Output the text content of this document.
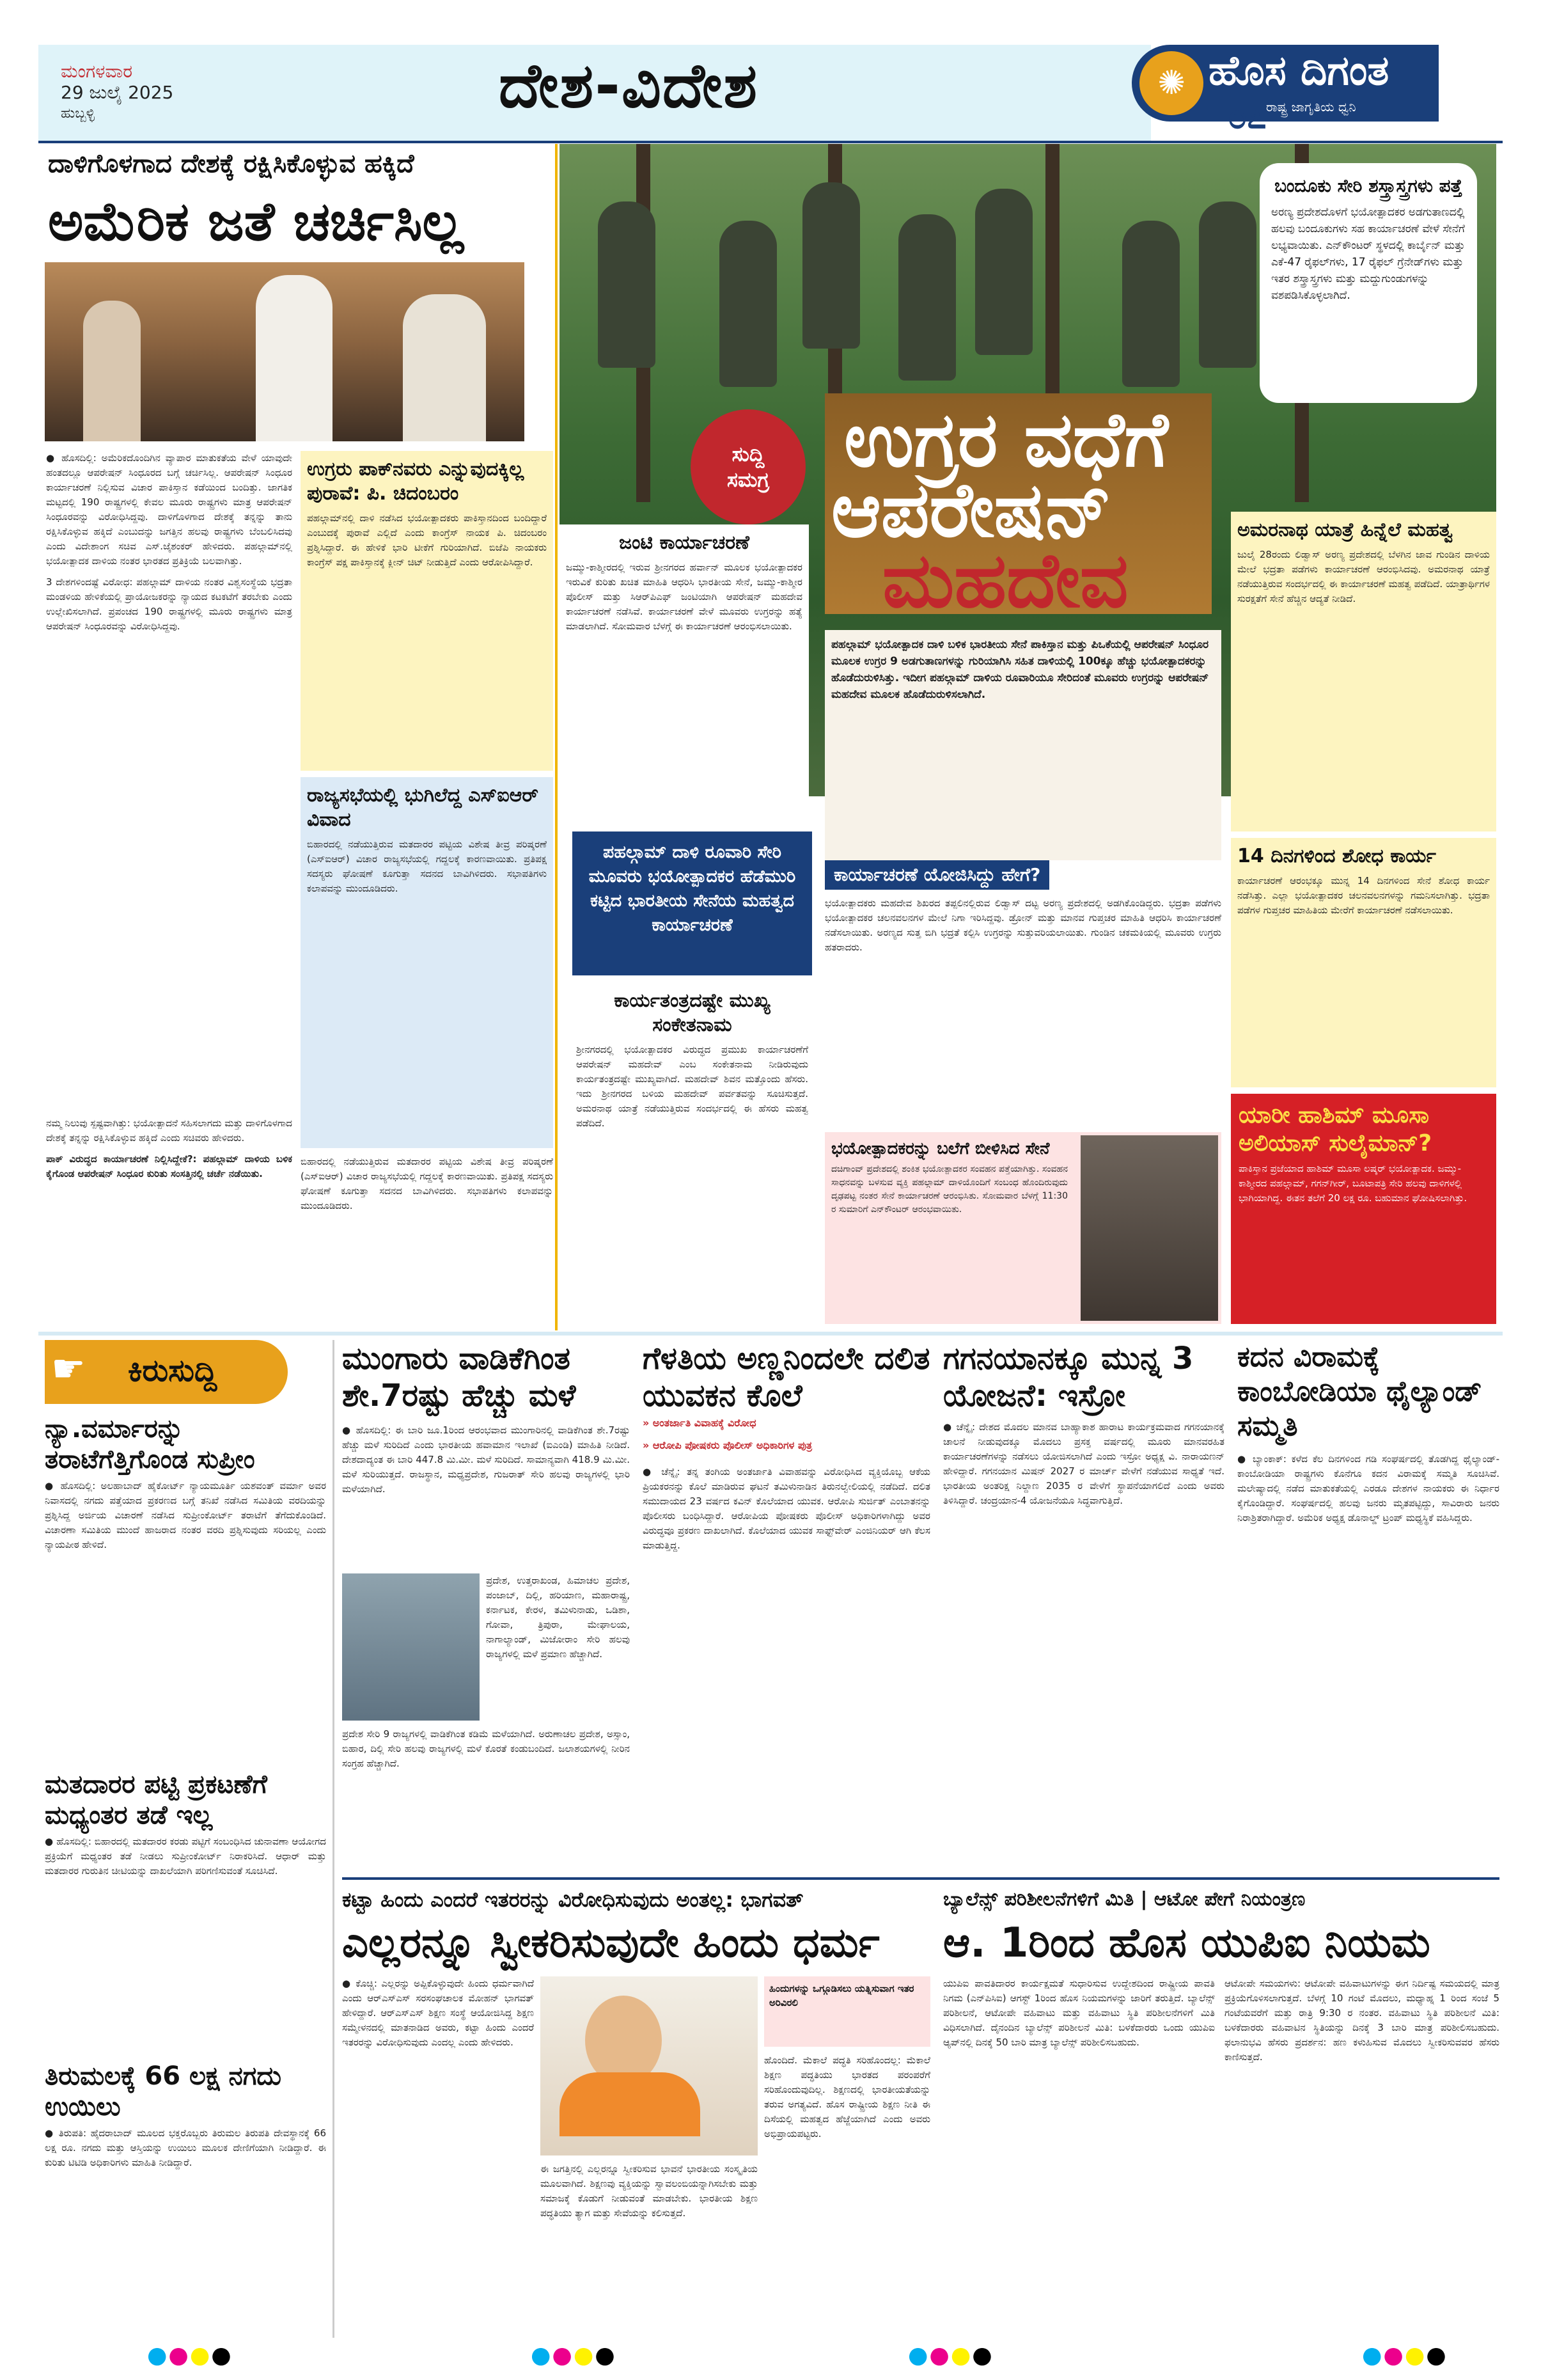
ಮಂಗಳವಾರ
29 ಜುಲೈ 2025
ಹುಬ್ಬಳ್ಳಿ	ದೇಶ-ವಿದೇಶ	✺ ಹೊಸ ದಿಗಂತ
ರಾಷ್ಟ್ರ ಜಾಗೃತಿಯ ಧ್ವನಿ
೦೭
ದಾಳಿಗೊಳಗಾದ ದೇಶಕ್ಕೆ ರಕ್ಷಿಸಿಕೊಳ್ಳುವ ಹಕ್ಕಿದೆ
ಅಮೆರಿಕ ಜತೆ ಚರ್ಚಿಸಿಲ್ಲ

● ಹೊಸದಿಲ್ಲಿ: ಅಮೆರಿಕದೊಂದಿಗಿನ ವ್ಯಾಪಾರ ಮಾತುಕತೆಯ ವೇಳೆ ಯಾವುದೇ ಹಂತದಲ್ಲೂ ಆಪರೇಷನ್ ಸಿಂಧೂರದ ಬಗ್ಗೆ ಚರ್ಚಿಸಿಲ್ಲ. ಆಪರೇಷನ್ ಸಿಂಧೂರ ಕಾರ್ಯಾಚರಣೆ ನಿಲ್ಲಿಸುವ ವಿಚಾರ ಪಾಕಿಸ್ತಾನ ಕಡೆಯಿಂದ ಬಂದಿತ್ತು. ಜಾಗತಿಕ ಮಟ್ಟದಲ್ಲಿ 190 ರಾಷ್ಟ್ರಗಳಲ್ಲಿ ಕೇವಲ ಮೂರು ರಾಷ್ಟ್ರಗಳು ಮಾತ್ರ ಆಪರೇಷನ್ ಸಿಂಧೂರವನ್ನು ವಿರೋಧಿಸಿದ್ದವು. ದಾಳಿಗೊಳಗಾದ ದೇಶಕ್ಕೆ ತನ್ನನ್ನು ತಾನು ರಕ್ಷಿಸಿಕೊಳ್ಳುವ ಹಕ್ಕಿದೆ ಎಂಬುದನ್ನು ಜಗತ್ತಿನ ಹಲವು ರಾಷ್ಟ್ರಗಳು ಬೆಂಬಲಿಸಿದವು ಎಂದು ವಿದೇಶಾಂಗ ಸಚಿವ ಎಸ್.ಜೈಶಂಕರ್ ಹೇಳಿದರು. ಪಹಲ್ಗಾಮ್‌ನಲ್ಲಿ ಭಯೋತ್ಪಾದಕ ದಾಳಿಯ ನಂತರ ಭಾರತದ ಪ್ರತಿಕ್ರಿಯೆ ಬಲವಾಗಿತ್ತು.

3 ದೇಶಗಳಿಂದಷ್ಟೆ ವಿರೋಧ: ಪಹಲ್ಗಾಮ್ ದಾಳಿಯ ನಂತರ ವಿಶ್ವಸಂಸ್ಥೆಯ ಭದ್ರತಾ ಮಂಡಳಿಯ ಹೇಳಿಕೆಯಲ್ಲಿ ಪ್ರಾಯೋಜಕರನ್ನು ನ್ಯಾಯದ ಕಟಕಟೆಗೆ ತರಬೇಕು ಎಂದು ಉಲ್ಲೇಖಿಸಲಾಗಿದೆ. ಪ್ರಪಂಚದ 190 ರಾಷ್ಟ್ರಗಳಲ್ಲಿ ಮೂರು ರಾಷ್ಟ್ರಗಳು ಮಾತ್ರ ಆಪರೇಷನ್ ಸಿಂಧೂರವನ್ನು ವಿರೋಧಿಸಿದ್ದವು.

ನಮ್ಮ ನಿಲುವು ಸ್ಪಷ್ಟವಾಗಿತ್ತು: ಭಯೋತ್ಪಾದನೆ ಸಹಿಸಲಾಗದು ಮತ್ತು ದಾಳಿಗೊಳಗಾದ ದೇಶಕ್ಕೆ ತನ್ನನ್ನು ರಕ್ಷಿಸಿಕೊಳ್ಳುವ ಹಕ್ಕಿದೆ ಎಂದು ಸಚಿವರು ಹೇಳಿದರು.

ಪಾಕ್ ವಿರುದ್ಧದ ಕಾರ್ಯಾಚರಣೆ ನಿಲ್ಲಿಸಿದ್ದೇಕೆ?: ಪಹಲ್ಗಾಮ್ ದಾಳಿಯ ಬಳಿಕ ಕೈಗೊಂಡ ಆಪರೇಷನ್ ಸಿಂಧೂರ ಕುರಿತು ಸಂಸತ್ತಿನಲ್ಲಿ ಚರ್ಚೆ ನಡೆಯಿತು.

ಉಗ್ರರು ಪಾಕ್‌ನವರು ಎನ್ನುವುದಕ್ಕಿಲ್ಲ ಪುರಾವೆ: ಪಿ. ಚಿದಂಬರಂ
ಪಹಲ್ಗಾಮ್‌ನಲ್ಲಿ ದಾಳಿ ನಡೆಸಿದ ಭಯೋತ್ಪಾದಕರು ಪಾಕಿಸ್ತಾನದಿಂದ ಬಂದಿದ್ದಾರೆ ಎಂಬುದಕ್ಕೆ ಪುರಾವೆ ಎಲ್ಲಿದೆ ಎಂದು ಕಾಂಗ್ರೆಸ್ ನಾಯಕ ಪಿ. ಚಿದಂಬರಂ ಪ್ರಶ್ನಿಸಿದ್ದಾರೆ. ಈ ಹೇಳಿಕೆ ಭಾರಿ ಟೀಕೆಗೆ ಗುರಿಯಾಗಿದೆ. ಬಿಜೆಪಿ ನಾಯಕರು ಕಾಂಗ್ರೆಸ್ ಪಕ್ಷ ಪಾಕಿಸ್ತಾನಕ್ಕೆ ಕ್ಲೀನ್ ಚಿಟ್ ನೀಡುತ್ತಿದೆ ಎಂದು ಆರೋಪಿಸಿದ್ದಾರೆ.
ರಾಜ್ಯಸಭೆಯಲ್ಲಿ ಭುಗಿಲೆದ್ದ ಎಸ್‌ಐಆರ್ ವಿವಾದ
ಬಿಹಾರದಲ್ಲಿ ನಡೆಯುತ್ತಿರುವ ಮತದಾರರ ಪಟ್ಟಿಯ ವಿಶೇಷ ತೀವ್ರ ಪರಿಷ್ಕರಣೆ (ಎಸ್‌ಐಆರ್) ವಿಚಾರ ರಾಜ್ಯಸಭೆಯಲ್ಲಿ ಗದ್ದಲಕ್ಕೆ ಕಾರಣವಾಯಿತು. ಪ್ರತಿಪಕ್ಷ ಸದಸ್ಯರು ಘೋಷಣೆ ಕೂಗುತ್ತಾ ಸದನದ ಬಾವಿಗಿಳಿದರು. ಸಭಾಪತಿಗಳು ಕಲಾಪವನ್ನು ಮುಂದೂಡಿದರು.
ಬಿಹಾರದಲ್ಲಿ ನಡೆಯುತ್ತಿರುವ ಮತದಾರರ ಪಟ್ಟಿಯ ವಿಶೇಷ ತೀವ್ರ ಪರಿಷ್ಕರಣೆ (ಎಸ್‌ಐಆರ್) ವಿಚಾರ ರಾಜ್ಯಸಭೆಯಲ್ಲಿ ಗದ್ದಲಕ್ಕೆ ಕಾರಣವಾಯಿತು. ಪ್ರತಿಪಕ್ಷ ಸದಸ್ಯರು ಘೋಷಣೆ ಕೂಗುತ್ತಾ ಸದನದ ಬಾವಿಗಿಳಿದರು. ಸಭಾಪತಿಗಳು ಕಲಾಪವನ್ನು ಮುಂದೂಡಿದರು.
ಬಂದೂಕು ಸೇರಿ ಶಸ್ತ್ರಾಸ್ತ್ರಗಳು ಪತ್ತೆ
ಅರಣ್ಯ ಪ್ರದೇಶದೊಳಗೆ ಭಯೋತ್ಪಾದಕರ ಅಡಗುತಾಣದಲ್ಲಿ ಹಲವು ಬಂದೂಕುಗಳು ಸಹ ಕಾರ್ಯಾಚರಣೆ ವೇಳೆ ಸೇನೆಗೆ ಲಭ್ಯವಾಯಿತು. ಎನ್‌ಕೌಂಟರ್ ಸ್ಥಳದಲ್ಲಿ ಕಾರ್ಬೈನ್ ಮತ್ತು ಎಕೆ-47 ರೈಫಲ್‌ಗಳು, 17 ರೈಫಲ್ ಗ್ರೆನೇಡ್‌ಗಳು ಮತ್ತು ಇತರ ಶಸ್ತ್ರಾಸ್ತ್ರಗಳು ಮತ್ತು ಮದ್ದುಗುಂಡುಗಳನ್ನು ವಶಪಡಿಸಿಕೊಳ್ಳಲಾಗಿದೆ.
ಸುದ್ದಿ
ಸಮಗ್ರ ಉಗ್ರರ ವಧೆಗೆ
ಆಪರೇಷನ್
ಮಹದೇವ
ಜಂಟಿ ಕಾರ್ಯಾಚರಣೆ
ಜಮ್ಮು-ಕಾಶ್ಮೀರದಲ್ಲಿ ಇರುವ ಶ್ರೀನಗರದ ಹರ್ವಾನ್ ಮೂಲಕ ಭಯೋತ್ಪಾದಕರ ಇರುವಿಕೆ ಕುರಿತು ಖಚಿತ ಮಾಹಿತಿ ಆಧರಿಸಿ ಭಾರತೀಯ ಸೇನೆ, ಜಮ್ಮು-ಕಾಶ್ಮೀರ ಪೊಲೀಸ್ ಮತ್ತು ಸಿಆರ್‌ಪಿಎಫ್ ಜಂಟಿಯಾಗಿ ಆಪರೇಷನ್ ಮಹದೇವ ಕಾರ್ಯಾಚರಣೆ ನಡೆಸಿವೆ. ಕಾರ್ಯಾಚರಣೆ ವೇಳೆ ಮೂವರು ಉಗ್ರರನ್ನು ಹತ್ಯೆ ಮಾಡಲಾಗಿದೆ. ಸೋಮವಾರ ಬೆಳಗ್ಗೆ ಈ ಕಾರ್ಯಾಚರಣೆ ಆರಂಭಿಸಲಾಯಿತು.
ಪಹಲ್ಗಾಮ್ ಭಯೋತ್ಪಾದಕ ದಾಳಿ ಬಳಿಕ ಭಾರತೀಯ ಸೇನೆ ಪಾಕಿಸ್ತಾನ ಮತ್ತು ಪಿಒಕೆಯಲ್ಲಿ ಆಪರೇಷನ್ ಸಿಂಧೂರ ಮೂಲಕ ಉಗ್ರರ 9 ಅಡಗುತಾಣಗಳನ್ನು ಗುರಿಯಾಗಿಸಿ ಸಹಿತ ದಾಳಿಯಲ್ಲಿ 100ಕ್ಕೂ ಹೆಚ್ಚು ಭಯೋತ್ಪಾದಕರನ್ನು ಹೊಡೆದುರುಳಿಸಿತ್ತು. ಇದೀಗ ಪಹಲ್ಗಾಮ್ ದಾಳಿಯ ರೂವಾರಿಯೂ ಸೇರಿದಂತೆ ಮೂವರು ಉಗ್ರರನ್ನು ಆಪರೇಷನ್ ಮಹದೇವ ಮೂಲಕ ಹೊಡೆದುರುಳಿಸಲಾಗಿದೆ.
ಅಮರನಾಥ ಯಾತ್ರೆ ಹಿನ್ನೆಲೆ ಮಹತ್ವ
ಜುಲೈ 28ರಂದು ಲಿಡ್ವಾಸ್ ಅರಣ್ಯ ಪ್ರದೇಶದಲ್ಲಿ ಬೆಳಗಿನ ಜಾವ ಗುಂಡಿನ ದಾಳಿಯ ಮೇಲೆ ಭದ್ರತಾ ಪಡೆಗಳು ಕಾರ್ಯಾಚರಣೆ ಆರಂಭಿಸಿದವು. ಅಮರನಾಥ ಯಾತ್ರೆ ನಡೆಯುತ್ತಿರುವ ಸಂದರ್ಭದಲ್ಲಿ ಈ ಕಾರ್ಯಾಚರಣೆ ಮಹತ್ವ ಪಡೆದಿದೆ. ಯಾತ್ರಾರ್ಥಿಗಳ ಸುರಕ್ಷತೆಗೆ ಸೇನೆ ಹೆಚ್ಚಿನ ಆದ್ಯತೆ ನೀಡಿದೆ.
ಪಹಲ್ಗಾಮ್ ದಾಳಿ ರೂವಾರಿ ಸೇರಿ ಮೂವರು ಭಯೋತ್ಪಾದಕರ ಹೆಡೆಮುರಿ ಕಟ್ಟಿದ ಭಾರತೀಯ ಸೇನೆಯ ಮಹತ್ವದ ಕಾರ್ಯಾಚರಣೆ
ಕಾರ್ಯಾಚರಣೆ ಯೋಜಿಸಿದ್ದು ಹೇಗೆ?
ಭಯೋತ್ಪಾದಕರು ಮಹದೇವ ಶಿಖರದ ತಪ್ಪಲಿನಲ್ಲಿರುವ ಲಿಡ್ವಾಸ್ ದಟ್ಟ ಅರಣ್ಯ ಪ್ರದೇಶದಲ್ಲಿ ಅಡಗಿಕೊಂಡಿದ್ದರು. ಭದ್ರತಾ ಪಡೆಗಳು ಭಯೋತ್ಪಾದಕರ ಚಲನವಲನಗಳ ಮೇಲೆ ನಿಗಾ ಇರಿಸಿದ್ದವು. ಡ್ರೋನ್ ಮತ್ತು ಮಾನವ ಗುಪ್ತಚರ ಮಾಹಿತಿ ಆಧರಿಸಿ ಕಾರ್ಯಾಚರಣೆ ನಡೆಸಲಾಯಿತು. ಅರಣ್ಯದ ಸುತ್ತ ಬಿಗಿ ಭದ್ರತೆ ಕಲ್ಪಿಸಿ ಉಗ್ರರನ್ನು ಸುತ್ತುವರಿಯಲಾಯಿತು. ಗುಂಡಿನ ಚಕಮಕಿಯಲ್ಲಿ ಮೂವರು ಉಗ್ರರು ಹತರಾದರು.
14 ದಿನಗಳಿಂದ ಶೋಧ ಕಾರ್ಯ
ಕಾರ್ಯಾಚರಣೆ ಆರಂಭಕ್ಕೂ ಮುನ್ನ 14 ದಿನಗಳಿಂದ ಸೇನೆ ಶೋಧ ಕಾರ್ಯ ನಡೆಸಿತ್ತು. ಎಲ್ಲಾ ಭಯೋತ್ಪಾದಕರ ಚಲನವಲನಗಳನ್ನು ಗಮನಿಸಲಾಗಿತ್ತು. ಭದ್ರತಾ ಪಡೆಗಳ ಗುಪ್ತಚರ ಮಾಹಿತಿಯ ಮೇರೆಗೆ ಕಾರ್ಯಾಚರಣೆ ನಡೆಸಲಾಯಿತು.
ಕಾರ್ಯತಂತ್ರದಷ್ಟೇ ಮುಖ್ಯ ಸಂಕೇತನಾಮ
ಶ್ರೀನಗರದಲ್ಲಿ ಭಯೋತ್ಪಾದಕರ ವಿರುದ್ಧದ ಪ್ರಮುಖ ಕಾರ್ಯಾಚರಣೆಗೆ ಆಪರೇಷನ್ ಮಹದೇವ್ ಎಂಬ ಸಂಕೇತನಾಮ ನೀಡಿರುವುದು ಕಾರ್ಯತಂತ್ರದಷ್ಟೇ ಮುಖ್ಯವಾಗಿದೆ. ಮಹದೇವ್ ಶಿವನ ಮತ್ತೊಂದು ಹೆಸರು. ಇದು ಶ್ರೀನಗರದ ಬಳಿಯ ಮಹದೇವ್ ಪರ್ವತವನ್ನು ಸೂಚಿಸುತ್ತದೆ. ಅಮರನಾಥ ಯಾತ್ರೆ ನಡೆಯುತ್ತಿರುವ ಸಂದರ್ಭದಲ್ಲಿ ಈ ಹೆಸರು ಮಹತ್ವ ಪಡೆದಿದೆ.
ಭಯೋತ್ಪಾದಕರನ್ನು ಬಲೆಗೆ ಬೀಳಿಸಿದ ಸೇನೆ
ದಚಿಗಾಂವ್ ಪ್ರದೇಶದಲ್ಲಿ ಶಂಕಿತ ಭಯೋತ್ಪಾದಕರ ಸಂವಹನ ಪತ್ತೆಯಾಗಿತ್ತು. ಸಂವಹನ ಸಾಧನವನ್ನು ಬಳಸುವ ವ್ಯಕ್ತಿ ಪಹಲ್ಗಾಮ್ ದಾಳಿಯೊಂದಿಗೆ ಸಂಬಂಧ ಹೊಂದಿರುವುದು ದೃಢಪಟ್ಟ ನಂತರ ಸೇನೆ ಕಾರ್ಯಾಚರಣೆ ಆರಂಭಿಸಿತು. ಸೋಮವಾರ ಬೆಳಗ್ಗೆ 11:30 ರ ಸುಮಾರಿಗೆ ಎನ್‌ಕೌಂಟರ್ ಆರಂಭವಾಯಿತು.
ಯಾರೀ ಹಾಶಿಮ್ ಮೂಸಾ ಅಲಿಯಾಸ್ ಸುಲೈಮಾನ್?
ಪಾಕಿಸ್ತಾನ ಪ್ರಜೆಯಾದ ಹಾಶಿಮ್ ಮೂಸಾ ಲಷ್ಕರ್ ಭಯೋತ್ಪಾದಕ. ಜಮ್ಮು-ಕಾಶ್ಮೀರದ ಪಹಲ್ಗಾಮ್, ಗಗನ್‌ಗೀರ್, ಬೂಟಾಪತ್ರಿ ಸೇರಿ ಹಲವು ದಾಳಿಗಳಲ್ಲಿ ಭಾಗಿಯಾಗಿದ್ದ. ಈತನ ತಲೆಗೆ 20 ಲಕ್ಷ ರೂ. ಬಹುಮಾನ ಘೋಷಿಸಲಾಗಿತ್ತು.
☛ ಕಿರುಸುದ್ದಿ
ನ್ಯಾ.ವರ್ಮಾರನ್ನು ತರಾಟೆಗೆತ್ತಿಗೊಂಡ ಸುಪ್ರೀಂ
● ಹೊಸದಿಲ್ಲಿ: ಅಲಹಾಬಾದ್ ಹೈಕೋರ್ಟ್ ನ್ಯಾಯಮೂರ್ತಿ ಯಶವಂತ್ ವರ್ಮಾ ಅವರ ನಿವಾಸದಲ್ಲಿ ನಗದು ಪತ್ತೆಯಾದ ಪ್ರಕರಣದ ಬಗ್ಗೆ ತನಿಖೆ ನಡೆಸಿದ ಸಮಿತಿಯ ವರದಿಯನ್ನು ಪ್ರಶ್ನಿಸಿದ್ದ ಅರ್ಜಿಯ ವಿಚಾರಣೆ ನಡೆಸಿದ ಸುಪ್ರೀಂಕೋರ್ಟ್ ತರಾಟೆಗೆ ತೆಗೆದುಕೊಂಡಿದೆ. ವಿಚಾರಣಾ ಸಮಿತಿಯ ಮುಂದೆ ಹಾಜರಾದ ನಂತರ ವರದಿ ಪ್ರಶ್ನಿಸುವುದು ಸರಿಯಲ್ಲ ಎಂದು ನ್ಯಾಯಪೀಠ ಹೇಳಿದೆ.
ಮತದಾರರ ಪಟ್ಟಿ ಪ್ರಕಟಣೆಗೆ ಮಧ್ಯಂತರ ತಡೆ ಇಲ್ಲ
● ಹೊಸದಿಲ್ಲಿ: ಬಿಹಾರದಲ್ಲಿ ಮತದಾರರ ಕರಡು ಪಟ್ಟಿಗೆ ಸಂಬಂಧಿಸಿದ ಚುನಾವಣಾ ಆಯೋಗದ ಪ್ರಕ್ರಿಯೆಗೆ ಮಧ್ಯಂತರ ತಡೆ ನೀಡಲು ಸುಪ್ರೀಂಕೋರ್ಟ್ ನಿರಾಕರಿಸಿದೆ. ಆಧಾರ್ ಮತ್ತು ಮತದಾರರ ಗುರುತಿನ ಚೀಟಿಯನ್ನು ದಾಖಲೆಯಾಗಿ ಪರಿಗಣಿಸುವಂತೆ ಸೂಚಿಸಿದೆ.
ತಿರುಮಲಕ್ಕೆ 66 ಲಕ್ಷ ನಗದು ಉಯಿಲು
● ತಿರುಪತಿ: ಹೈದರಾಬಾದ್ ಮೂಲದ ಭಕ್ತರೊಬ್ಬರು ತಿರುಮಲ ತಿರುಪತಿ ದೇವಸ್ಥಾನಕ್ಕೆ 66 ಲಕ್ಷ ರೂ. ನಗದು ಮತ್ತು ಆಸ್ತಿಯನ್ನು ಉಯಿಲು ಮೂಲಕ ದೇಣಿಗೆಯಾಗಿ ನೀಡಿದ್ದಾರೆ. ಈ ಕುರಿತು ಟಿಟಿಡಿ ಅಧಿಕಾರಿಗಳು ಮಾಹಿತಿ ನೀಡಿದ್ದಾರೆ.
ಮುಂಗಾರು ವಾಡಿಕೆಗಿಂತ ಶೇ.7ರಷ್ಟು ಹೆಚ್ಚು ಮಳೆ
● ಹೊಸದಿಲ್ಲಿ: ಈ ಬಾರಿ ಜೂ.1ರಿಂದ ಆರಂಭವಾದ ಮುಂಗಾರಿನಲ್ಲಿ ವಾಡಿಕೆಗಿಂತ ಶೇ.7ರಷ್ಟು ಹೆಚ್ಚು ಮಳೆ ಸುರಿದಿದೆ ಎಂದು ಭಾರತೀಯ ಹವಾಮಾನ ಇಲಾಖೆ (ಐಎಂಡಿ) ಮಾಹಿತಿ ನೀಡಿದೆ. ದೇಶದಾದ್ಯಂತ ಈ ಬಾರಿ 447.8 ಮಿ.ಮೀ. ಮಳೆ ಸುರಿದಿದೆ. ಸಾಮಾನ್ಯವಾಗಿ 418.9 ಮಿ.ಮೀ. ಮಳೆ ಸುರಿಯುತ್ತದೆ. ರಾಜಸ್ಥಾನ, ಮಧ್ಯಪ್ರದೇಶ, ಗುಜರಾತ್ ಸೇರಿ ಹಲವು ರಾಜ್ಯಗಳಲ್ಲಿ ಭಾರಿ ಮಳೆಯಾಗಿದೆ.
ಪ್ರದೇಶ, ಉತ್ತರಾಖಂಡ, ಹಿಮಾಚಲ ಪ್ರದೇಶ, ಪಂಜಾಬ್, ದಿಲ್ಲಿ, ಹರಿಯಾಣ, ಮಹಾರಾಷ್ಟ್ರ, ಕರ್ನಾಟಕ, ಕೇರಳ, ತಮಿಳುನಾಡು, ಒಡಿಶಾ, ಗೋವಾ, ತ್ರಿಪುರಾ, ಮೇಘಾಲಯ, ನಾಗಾಲ್ಯಾಂಡ್, ಮಿಜೋರಾಂ ಸೇರಿ ಹಲವು ರಾಜ್ಯಗಳಲ್ಲಿ ಮಳೆ ಪ್ರಮಾಣ ಹೆಚ್ಚಾಗಿದೆ.
ಪ್ರದೇಶ ಸೇರಿ 9 ರಾಜ್ಯಗಳಲ್ಲಿ ವಾಡಿಕೆಗಿಂತ ಕಡಿಮೆ ಮಳೆಯಾಗಿದೆ. ಅರುಣಾಚಲ ಪ್ರದೇಶ, ಅಸ್ಸಾಂ, ಬಿಹಾರ, ದಿಲ್ಲಿ ಸೇರಿ ಹಲವು ರಾಜ್ಯಗಳಲ್ಲಿ ಮಳೆ ಕೊರತೆ ಕಂಡುಬಂದಿದೆ. ಜಲಾಶಯಗಳಲ್ಲಿ ನೀರಿನ ಸಂಗ್ರಹ ಹೆಚ್ಚಾಗಿದೆ.
ಗೆಳತಿಯ ಅಣ್ಣನಿಂದಲೇ ದಲಿತ ಯುವಕನ ಕೊಲೆ
» ಅಂತರ್ಜಾತಿ ವಿವಾಹಕ್ಕೆ ವಿರೋಧ
» ಆರೋಪಿ ಪೋಷಕರು ಪೊಲೀಸ್ ಅಧಿಕಾರಿಗಳ ಪುತ್ರ
● ಚೆನ್ನೈ: ತನ್ನ ತಂಗಿಯ ಅಂತರ್ಜಾತಿ ವಿವಾಹವನ್ನು ವಿರೋಧಿಸಿದ ವ್ಯಕ್ತಿಯೊಬ್ಬ ಆಕೆಯ ಪ್ರಿಯಕರನನ್ನು ಕೊಲೆ ಮಾಡಿರುವ ಘಟನೆ ತಮಿಳುನಾಡಿನ ತಿರುನಲ್ವೇಲಿಯಲ್ಲಿ ನಡೆದಿದೆ. ದಲಿತ ಸಮುದಾಯದ 23 ವರ್ಷದ ಕವಿನ್ ಕೊಲೆಯಾದ ಯುವಕ. ಆರೋಪಿ ಸುರ್ಜಿತ್ ಎಂಬಾತನನ್ನು ಪೊಲೀಸರು ಬಂಧಿಸಿದ್ದಾರೆ. ಆರೋಪಿಯ ಪೋಷಕರು ಪೊಲೀಸ್ ಅಧಿಕಾರಿಗಳಾಗಿದ್ದು ಅವರ ವಿರುದ್ಧವೂ ಪ್ರಕರಣ ದಾಖಲಾಗಿದೆ. ಕೊಲೆಯಾದ ಯುವಕ ಸಾಫ್ಟ್‌ವೇರ್ ಎಂಜಿನಿಯರ್ ಆಗಿ ಕೆಲಸ ಮಾಡುತ್ತಿದ್ದ.
ಗಗನಯಾನಕ್ಕೂ ಮುನ್ನ 3 ಯೋಜನೆ: ಇಸ್ರೋ
● ಚೆನ್ನೈ: ದೇಶದ ಮೊದಲ ಮಾನವ ಬಾಹ್ಯಾಕಾಶ ಹಾರಾಟ ಕಾರ್ಯಕ್ರಮವಾದ ಗಗನಯಾನಕ್ಕೆ ಚಾಲನೆ ನೀಡುವುದಕ್ಕೂ ಮೊದಲು ಪ್ರಸಕ್ತ ವರ್ಷದಲ್ಲಿ ಮೂರು ಮಾನವರಹಿತ ಕಾರ್ಯಾಚರಣೆಗಳನ್ನು ನಡೆಸಲು ಯೋಜಿಸಲಾಗಿದೆ ಎಂದು ಇಸ್ರೋ ಅಧ್ಯಕ್ಷ ವಿ. ನಾರಾಯಣನ್ ಹೇಳಿದ್ದಾರೆ. ಗಗನಯಾನ ಮಿಷನ್ 2027 ರ ಮಾರ್ಚ್ ವೇಳೆಗೆ ನಡೆಯುವ ಸಾಧ್ಯತೆ ಇದೆ. ಭಾರತೀಯ ಅಂತರಿಕ್ಷ ನಿಲ್ದಾಣ 2035 ರ ವೇಳೆಗೆ ಸ್ಥಾಪನೆಯಾಗಲಿದೆ ಎಂದು ಅವರು ತಿಳಿಸಿದ್ದಾರೆ. ಚಂದ್ರಯಾನ-4 ಯೋಜನೆಯೂ ಸಿದ್ಧವಾಗುತ್ತಿದೆ.
ಕದನ ವಿರಾಮಕ್ಕೆ ಕಾಂಬೋಡಿಯಾ ಥೈಲ್ಯಾಂಡ್ ಸಮ್ಮತಿ
● ಬ್ಯಾಂಕಾಕ್: ಕಳೆದ ಕೆಲ ದಿನಗಳಿಂದ ಗಡಿ ಸಂಘರ್ಷದಲ್ಲಿ ತೊಡಗಿದ್ದ ಥೈಲ್ಯಾಂಡ್-ಕಾಂಬೋಡಿಯಾ ರಾಷ್ಟ್ರಗಳು ಕೊನೆಗೂ ಕದನ ವಿರಾಮಕ್ಕೆ ಸಮ್ಮತಿ ಸೂಚಿಸಿವೆ. ಮಲೇಷ್ಯಾದಲ್ಲಿ ನಡೆದ ಮಾತುಕತೆಯಲ್ಲಿ ಎರಡೂ ದೇಶಗಳ ನಾಯಕರು ಈ ನಿರ್ಧಾರ ಕೈಗೊಂಡಿದ್ದಾರೆ. ಸಂಘರ್ಷದಲ್ಲಿ ಹಲವು ಜನರು ಮೃತಪಟ್ಟಿದ್ದು, ಸಾವಿರಾರು ಜನರು ನಿರಾಶ್ರಿತರಾಗಿದ್ದಾರೆ. ಅಮೆರಿಕ ಅಧ್ಯಕ್ಷ ಡೊನಾಲ್ಡ್ ಟ್ರಂಪ್ ಮಧ್ಯಸ್ಥಿಕೆ ವಹಿಸಿದ್ದರು.
ಕಟ್ಟಾ ಹಿಂದು ಎಂದರೆ ಇತರರನ್ನು ವಿರೋಧಿಸುವುದು ಅಂತಲ್ಲ: ಭಾಗವತ್
ಎಲ್ಲರನ್ನೂ ಸ್ವೀಕರಿಸುವುದೇ ಹಿಂದು ಧರ್ಮ
● ಕೊಚ್ಚಿ: ಎಲ್ಲರನ್ನು ಅಪ್ಪಿಕೊಳ್ಳುವುದೇ ಹಿಂದು ಧರ್ಮವಾಗಿದೆ ಎಂದು ಆರ್‌ಎಸ್‌ಎಸ್ ಸರಸಂಘಚಾಲಕ ಮೋಹನ್ ಭಾಗವತ್ ಹೇಳಿದ್ದಾರೆ. ಆರ್‌ಎಸ್‌ಎಸ್ ಶಿಕ್ಷಣ ಸಂಸ್ಥೆ ಆಯೋಜಿಸಿದ್ದ ಶಿಕ್ಷಣ ಸಮ್ಮೇಳನದಲ್ಲಿ ಮಾತನಾಡಿದ ಅವರು, ಕಟ್ಟಾ ಹಿಂದು ಎಂದರೆ ಇತರರನ್ನು ವಿರೋಧಿಸುವುದು ಎಂದಲ್ಲ ಎಂದು ಹೇಳಿದರು.
ಹಿಂದುಗಳನ್ನು ಒಗ್ಗೂಡಿಸಲು ಯತ್ನಿಸುವಾಗ ಇತರ ಅರಿವಿರಲಿ
ಹೊಂದಿದೆ. ಮೆಕಾಲೆ ಪದ್ಧತಿ ಸರಿಹೊಂದಲ್ಲ: ಮೆಕಾಲೆ ಶಿಕ್ಷಣ ಪದ್ಧತಿಯು ಭಾರತದ ಪರಂಪರೆಗೆ ಸರಿಹೊಂದುವುದಿಲ್ಲ. ಶಿಕ್ಷಣದಲ್ಲಿ ಭಾರತೀಯತೆಯನ್ನು ತರುವ ಅಗತ್ಯವಿದೆ. ಹೊಸ ರಾಷ್ಟ್ರೀಯ ಶಿಕ್ಷಣ ನೀತಿ ಈ ದಿಸೆಯಲ್ಲಿ ಮಹತ್ವದ ಹೆಜ್ಜೆಯಾಗಿದೆ ಎಂದು ಅವರು ಅಭಿಪ್ರಾಯಪಟ್ಟರು.
ಈ ಜಗತ್ತಿನಲ್ಲಿ ಎಲ್ಲರನ್ನೂ ಸ್ವೀಕರಿಸುವ ಭಾವನೆ ಭಾರತೀಯ ಸಂಸ್ಕೃತಿಯ ಮೂಲವಾಗಿದೆ. ಶಿಕ್ಷಣವು ವ್ಯಕ್ತಿಯನ್ನು ಸ್ವಾವಲಂಬಿಯನ್ನಾಗಿಸಬೇಕು ಮತ್ತು ಸಮಾಜಕ್ಕೆ ಕೊಡುಗೆ ನೀಡುವಂತೆ ಮಾಡಬೇಕು. ಭಾರತೀಯ ಶಿಕ್ಷಣ ಪದ್ಧತಿಯು ತ್ಯಾಗ ಮತ್ತು ಸೇವೆಯನ್ನು ಕಲಿಸುತ್ತದೆ.
ಬ್ಯಾಲೆನ್ಸ್ ಪರಿಶೀಲನೆಗಳಿಗೆ ಮಿತಿ | ಆಟೋ ಪೇಗೆ ನಿಯಂತ್ರಣ
ಆ. 1ರಿಂದ ಹೊಸ ಯುಪಿಐ ನಿಯಮ
ಯುಪಿಐ ಪಾವತಿದಾರರ ಕಾರ್ಯಕ್ಷಮತೆ ಸುಧಾರಿಸುವ ಉದ್ದೇಶದಿಂದ ರಾಷ್ಟ್ರೀಯ ಪಾವತಿ ನಿಗಮ (ಎನ್‌ಪಿಸಿಐ) ಆಗಸ್ಟ್ 1ರಿಂದ ಹೊಸ ನಿಯಮಗಳನ್ನು ಜಾರಿಗೆ ತರುತ್ತಿದೆ. ಬ್ಯಾಲೆನ್ಸ್ ಪರಿಶೀಲನೆ, ಆಟೋಪೇ ವಹಿವಾಟು ಮತ್ತು ವಹಿವಾಟು ಸ್ಥಿತಿ ಪರಿಶೀಲನೆಗಳಿಗೆ ಮಿತಿ ವಿಧಿಸಲಾಗಿದೆ. ದೈನಂದಿನ ಬ್ಯಾಲೆನ್ಸ್ ಪರಿಶೀಲನೆ ಮಿತಿ: ಬಳಕೆದಾರರು ಒಂದು ಯುಪಿಐ ಆ್ಯಪ್‌ನಲ್ಲಿ ದಿನಕ್ಕೆ 50 ಬಾರಿ ಮಾತ್ರ ಬ್ಯಾಲೆನ್ಸ್ ಪರಿಶೀಲಿಸಬಹುದು.
ಆಟೋಪೇ ಸಮಯಗಳು: ಆಟೋಪೇ ವಹಿವಾಟುಗಳನ್ನು ಈಗ ನಿರ್ದಿಷ್ಟ ಸಮಯದಲ್ಲಿ ಮಾತ್ರ ಪ್ರಕ್ರಿಯೆಗೊಳಿಸಲಾಗುತ್ತದೆ. ಬೆಳಗ್ಗೆ 10 ಗಂಟೆ ಮೊದಲು, ಮಧ್ಯಾಹ್ನ 1 ರಿಂದ ಸಂಜೆ 5 ಗಂಟೆಯವರೆಗೆ ಮತ್ತು ರಾತ್ರಿ 9:30 ರ ನಂತರ. ವಹಿವಾಟು ಸ್ಥಿತಿ ಪರಿಶೀಲನೆ ಮಿತಿ: ಬಳಕೆದಾರರು ವಹಿವಾಟಿನ ಸ್ಥಿತಿಯನ್ನು ದಿನಕ್ಕೆ 3 ಬಾರಿ ಮಾತ್ರ ಪರಿಶೀಲಿಸಬಹುದು. ಫಲಾನುಭವಿ ಹೆಸರು ಪ್ರದರ್ಶನ: ಹಣ ಕಳುಹಿಸುವ ಮೊದಲು ಸ್ವೀಕರಿಸುವವರ ಹೆಸರು ಕಾಣಿಸುತ್ತದೆ.
●●●●	●●●●	●●●●	●●●●
